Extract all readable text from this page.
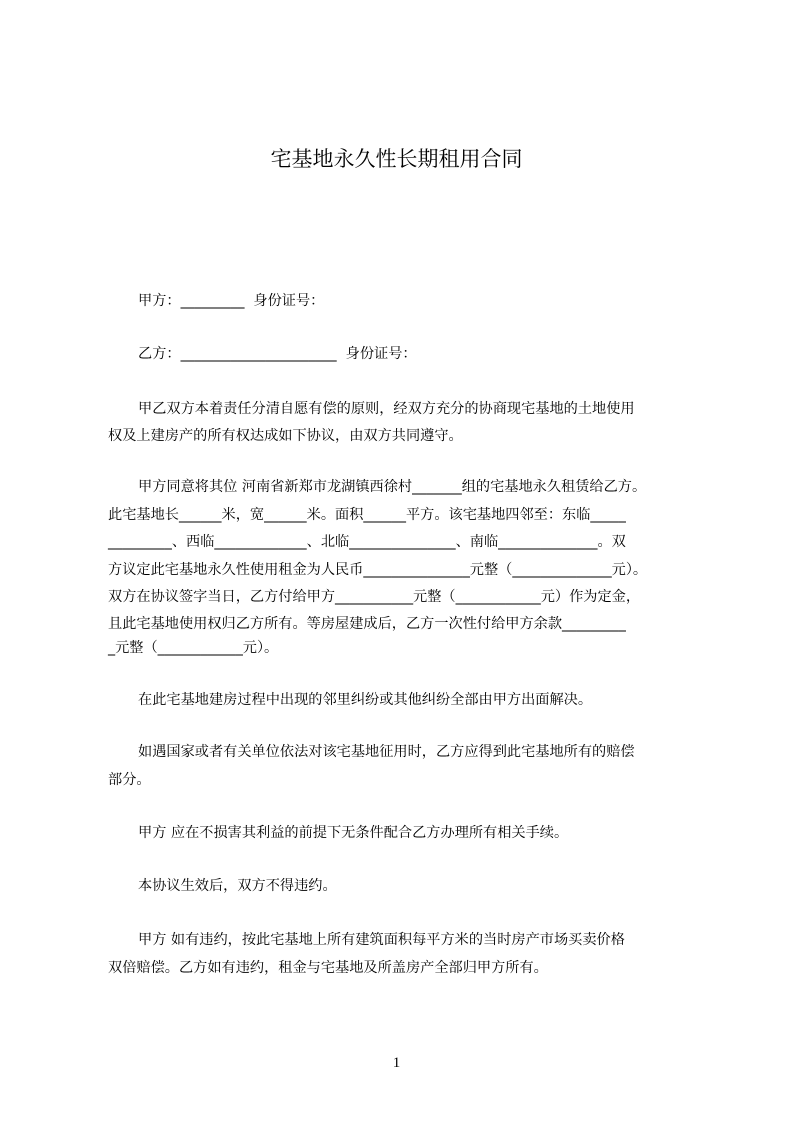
宅基地永久性长期租用合同
甲方：_________  身份证号：
乙方：______________________  身份证号：
甲乙双方本着责任分清自愿有偿的原则，经双方充分的协商现宅基地的土地使用
权及上建房产的所有权达成如下协议，由双方共同遵守。
甲方同意将其位 河南省新郑市龙湖镇西徐村_______组的宅基地永久租赁给乙方。
此宅基地长______米，宽______米。面积______平方。该宅基地四邻至：东临_____
_________、西临_____________、北临_______________、南临______________。双
方议定此宅基地永久性使用租金为人民币_______________元整（______________元）。
双方在协议签字当日，乙方付给甲方___________元整（____________元）作为定金，
且此宅基地使用权归乙方所有。等房屋建成后，乙方一次性付给甲方余款_________
_元整（____________元）。
在此宅基地建房过程中出现的邻里纠纷或其他纠纷全部由甲方出面解决。
如遇国家或者有关单位依法对该宅基地征用时，乙方应得到此宅基地所有的赔偿
部分。
甲方 应在不损害其利益的前提下无条件配合乙方办理所有相关手续。
本协议生效后，双方不得违约。
甲方 如有违约，按此宅基地上所有建筑面积每平方米的当时房产市场买卖价格
双倍赔偿。乙方如有违约，租金与宅基地及所盖房产全部归甲方所有。
1
